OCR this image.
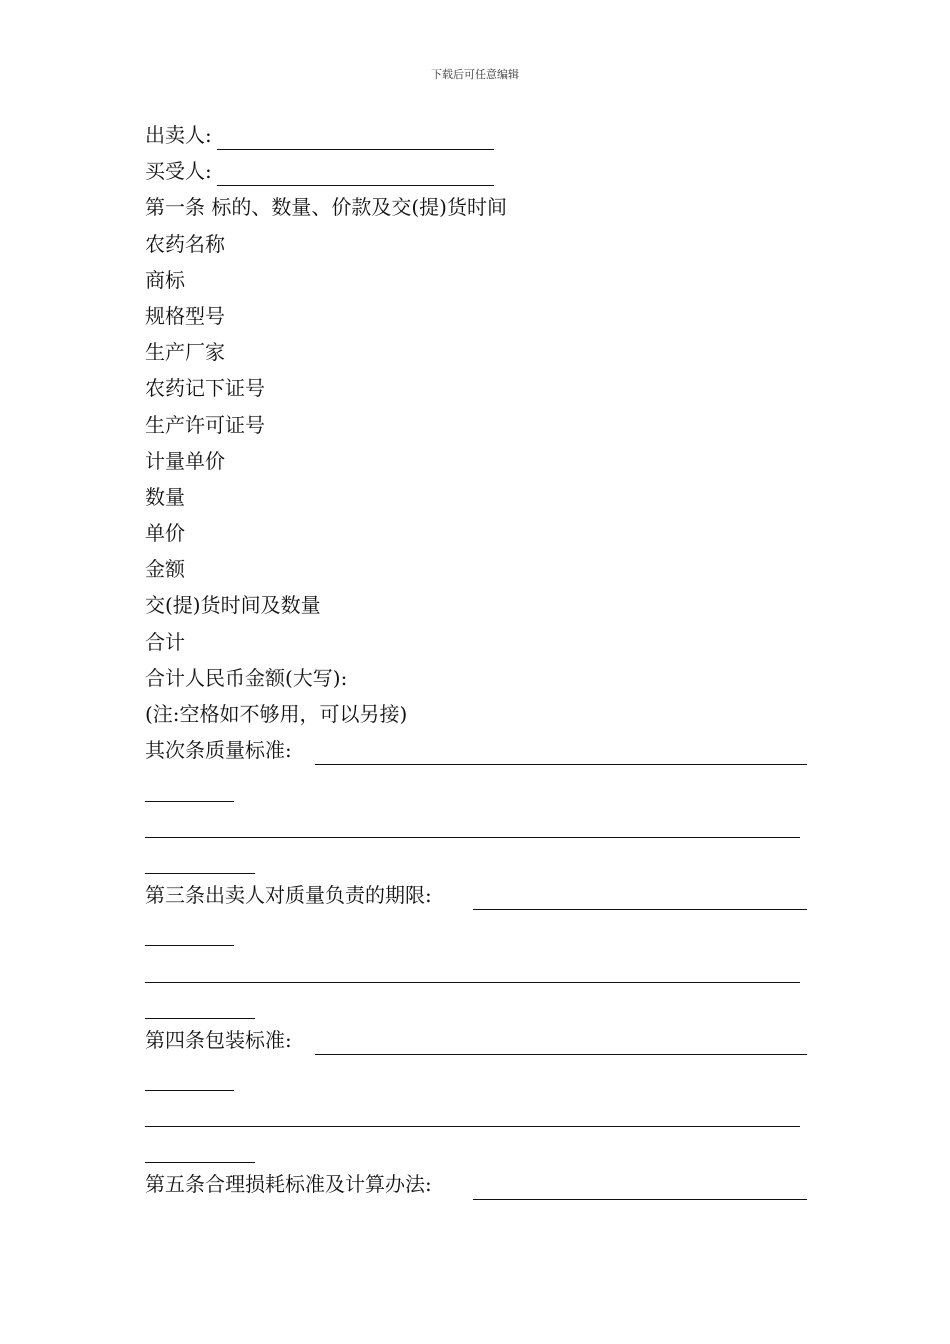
下载后可任意编辑
出卖人:
买受人:
第一条 标的、数量、价款及交(提)货时间
农药名称
商标
规格型号
生产厂家
农药记下证号
生产许可证号
计量单价
数量
单价
金额
交(提)货时间及数量
合计
合计人民币金额(大写):
(注:空格如不够用，可以另接)
其次条质量标准:
第三条出卖人对质量负责的期限:
第四条包装标准:
第五条合理损耗标准及计算办法:
